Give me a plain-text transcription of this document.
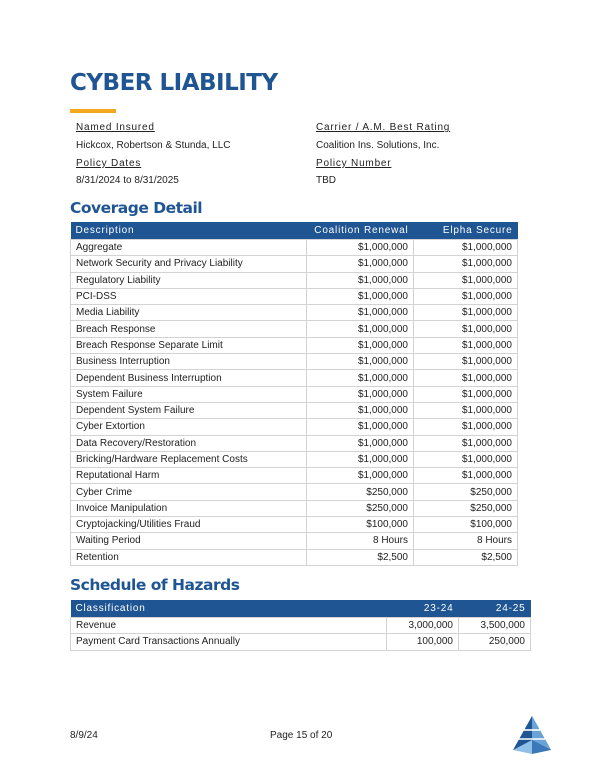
CYBER LIABILITY
Named Insured
Hickcox, Robertson & Stunda, LLC
Carrier / A.M. Best Rating
Coalition Ins. Solutions, Inc.
Policy Dates
8/31/2024 to 8/31/2025
Policy Number
TBD
Coverage Detail
Description	Coalition Renewal	Elpha Secure
Aggregate	$1,000,000	$1,000,000
Network Security and Privacy Liability	$1,000,000	$1,000,000
Regulatory Liability	$1,000,000	$1,000,000
PCI-DSS	$1,000,000	$1,000,000
Media Liability	$1,000,000	$1,000,000
Breach Response	$1,000,000	$1,000,000
Breach Response Separate Limit	$1,000,000	$1,000,000
Business Interruption	$1,000,000	$1,000,000
Dependent Business Interruption	$1,000,000	$1,000,000
System Failure	$1,000,000	$1,000,000
Dependent System Failure	$1,000,000	$1,000,000
Cyber Extortion	$1,000,000	$1,000,000
Data Recovery/Restoration	$1,000,000	$1,000,000
Bricking/Hardware Replacement Costs	$1,000,000	$1,000,000
Reputational Harm	$1,000,000	$1,000,000
Cyber Crime	$250,000	$250,000
Invoice Manipulation	$250,000	$250,000
Cryptojacking/Utilities Fraud	$100,000	$100,000
Waiting Period	8 Hours	8 Hours
Retention	$2,500	$2,500
Schedule of Hazards
Classification	23-24	24-25
Revenue	3,000,000	3,500,000
Payment Card Transactions Annually	100,000	250,000
8/9/24	Page 15 of 20
